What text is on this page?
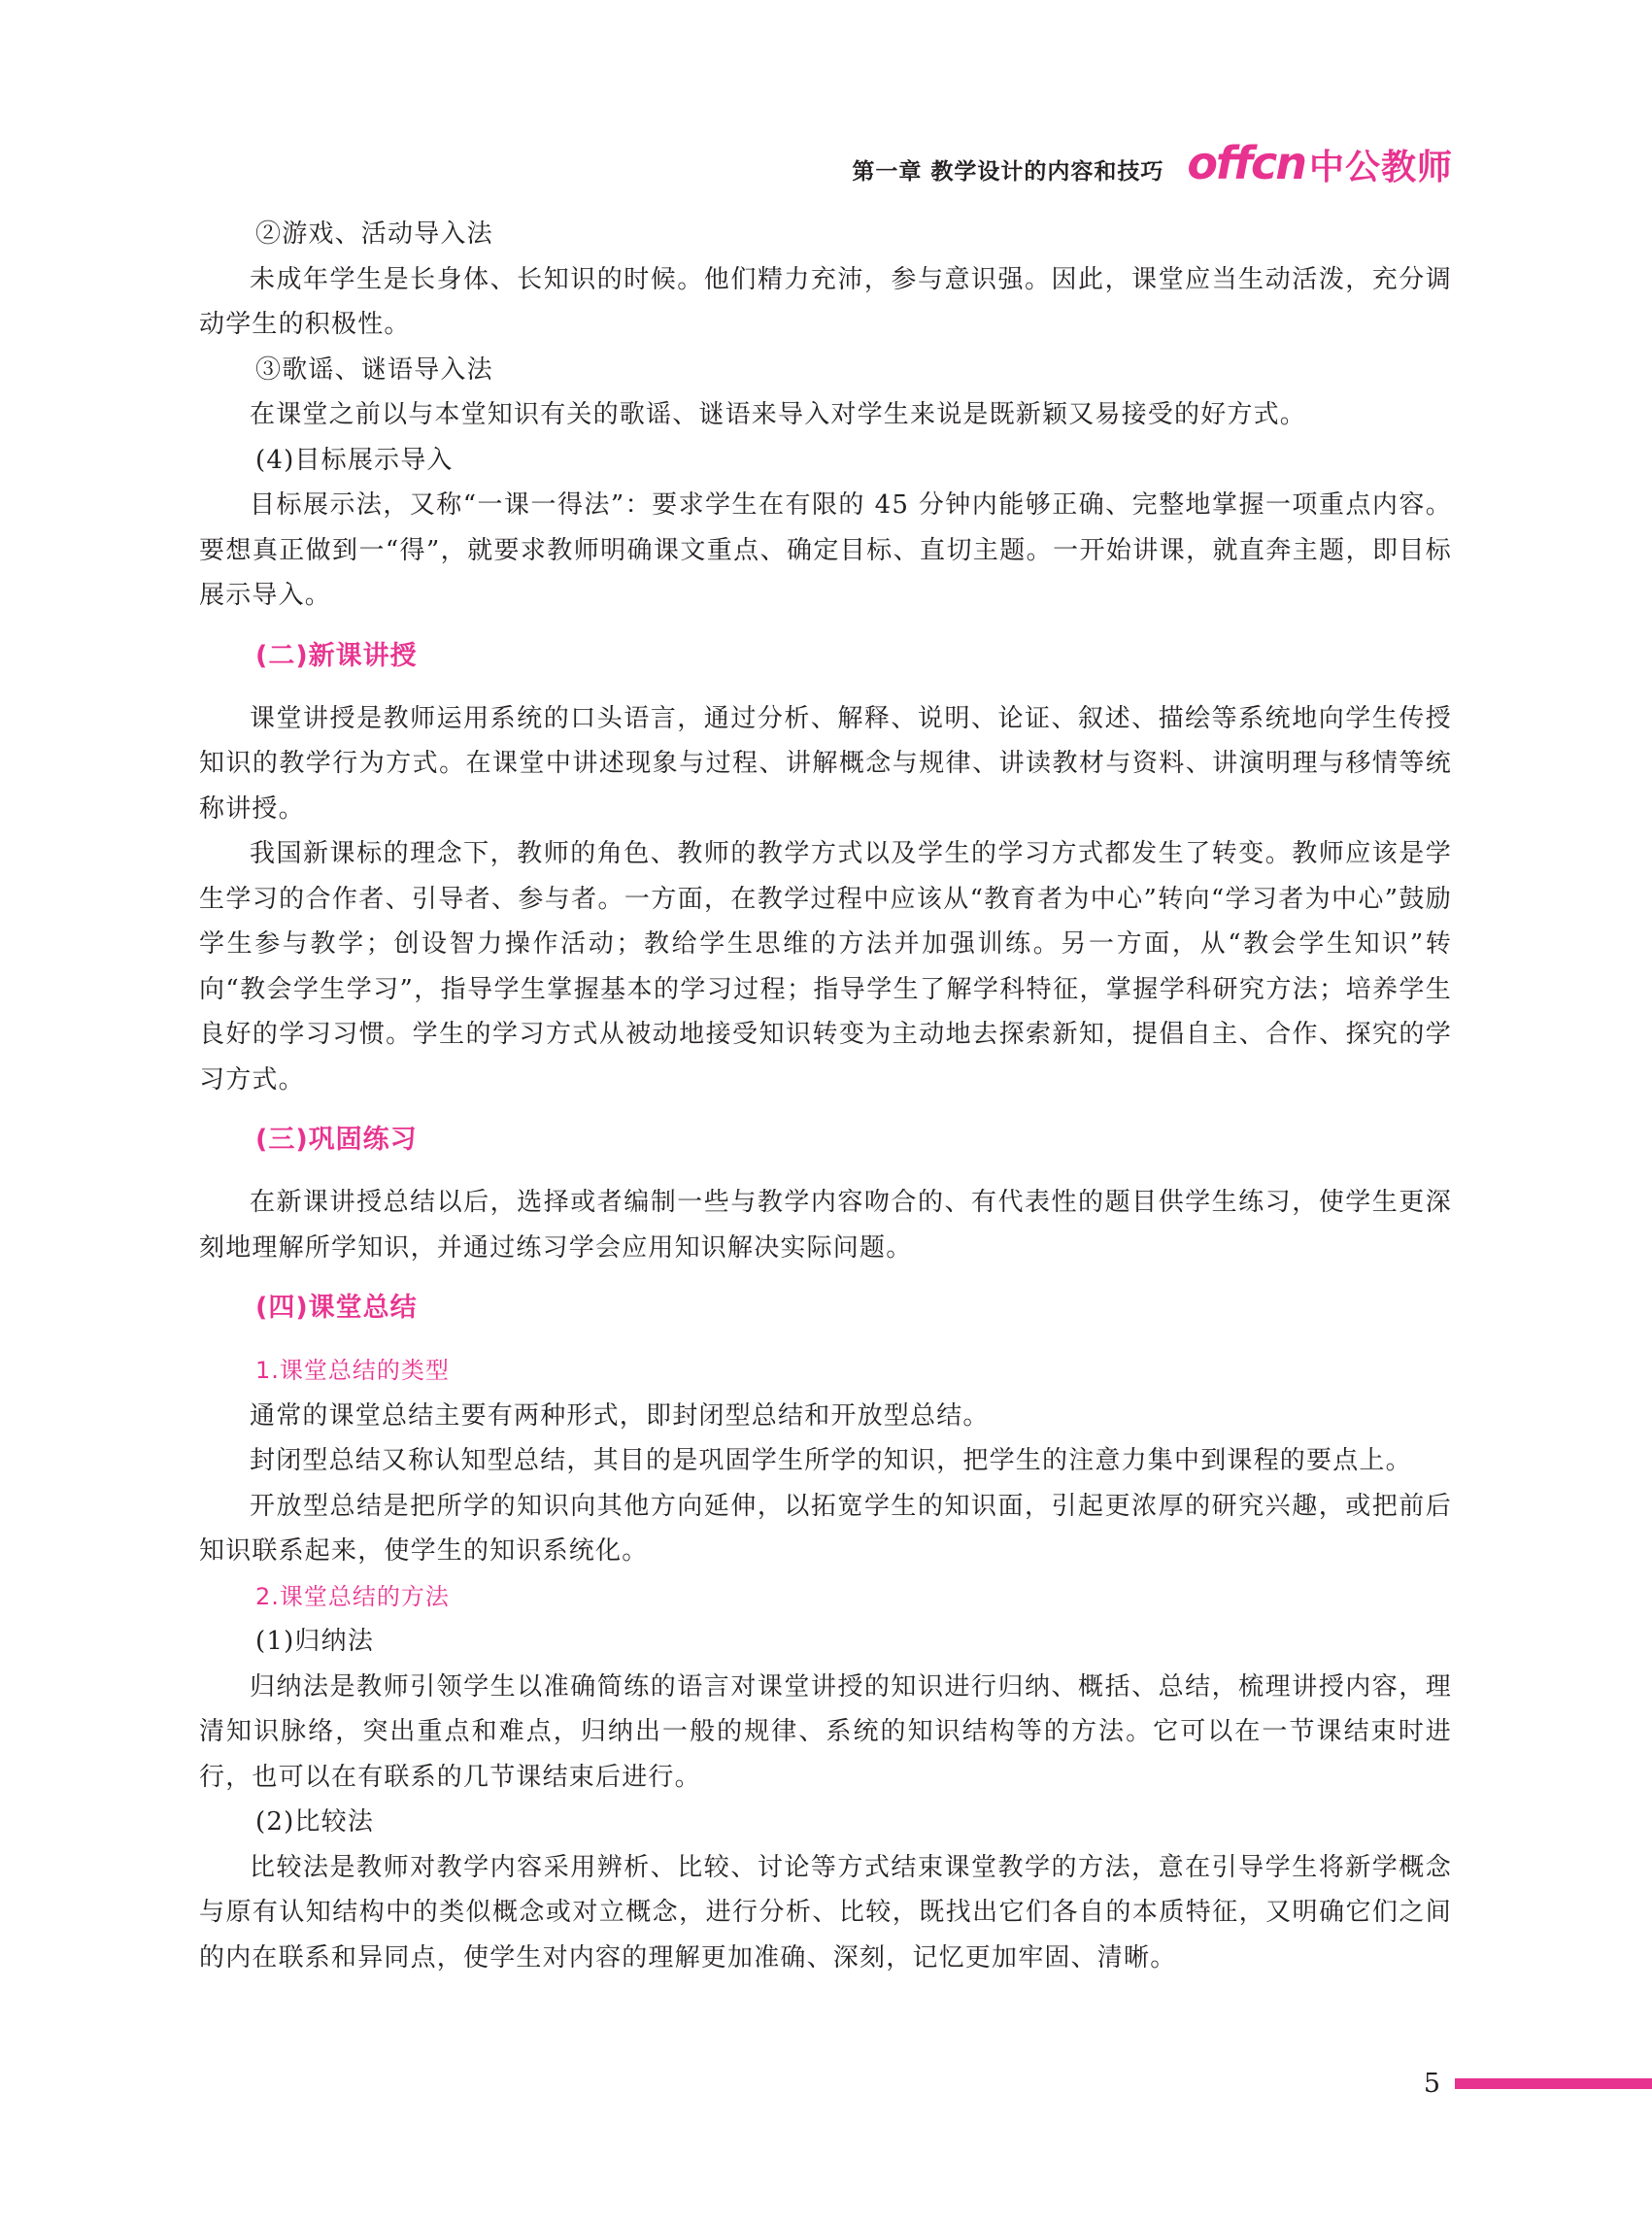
第一章 教学设计的内容和技巧 offcn 中公教师

②游戏、活动导入法

未成年学生是长身体、长知识的时候。他们精力充沛，参与意识强。因此，课堂应当生动活泼，充分调动学生的积极性。

③歌谣、谜语导入法

在课堂之前以与本堂知识有关的歌谣、谜语来导入对学生来说是既新颖又易接受的好方式。

(4)目标展示导入

目标展示法，又称“一课一得法”：要求学生在有限的 45 分钟内能够正确、完整地掌握一项重点内容。要想真正做到一“得”，就要求教师明确课文重点、确定目标、直切主题。一开始讲课，就直奔主题，即目标展示导入。

(二)新课讲授

课堂讲授是教师运用系统的口头语言，通过分析、解释、说明、论证、叙述、描绘等系统地向学生传授知识的教学行为方式。在课堂中讲述现象与过程、讲解概念与规律、讲读教材与资料、讲演明理与移情等统称讲授。

我国新课标的理念下，教师的角色、教师的教学方式以及学生的学习方式都发生了转变。教师应该是学生学习的合作者、引导者、参与者。一方面，在教学过程中应该从“教育者为中心”转向“学习者为中心”鼓励学生参与教学；创设智力操作活动；教给学生思维的方法并加强训练。另一方面，从“教会学生知识”转向“教会学生学习”，指导学生掌握基本的学习过程；指导学生了解学科特征，掌握学科研究方法；培养学生良好的学习习惯。学生的学习方式从被动地接受知识转变为主动地去探索新知，提倡自主、合作、探究的学习方式。

(三)巩固练习

在新课讲授总结以后，选择或者编制一些与教学内容吻合的、有代表性的题目供学生练习，使学生更深刻地理解所学知识，并通过练习学会应用知识解决实际问题。

(四)课堂总结

1.课堂总结的类型

通常的课堂总结主要有两种形式，即封闭型总结和开放型总结。

封闭型总结又称认知型总结，其目的是巩固学生所学的知识，把学生的注意力集中到课程的要点上。

开放型总结是把所学的知识向其他方向延伸，以拓宽学生的知识面，引起更浓厚的研究兴趣，或把前后知识联系起来，使学生的知识系统化。

2.课堂总结的方法

(1)归纳法

归纳法是教师引领学生以准确简练的语言对课堂讲授的知识进行归纳、概括、总结，梳理讲授内容，理清知识脉络，突出重点和难点，归纳出一般的规律、系统的知识结构等的方法。它可以在一节课结束时进行，也可以在有联系的几节课结束后进行。

(2)比较法

比较法是教师对教学内容采用辨析、比较、讨论等方式结束课堂教学的方法，意在引导学生将新学概念与原有认知结构中的类似概念或对立概念，进行分析、比较，既找出它们各自的本质特征，又明确它们之间的内在联系和异同点，使学生对内容的理解更加准确、深刻，记忆更加牢固、清晰。

5
